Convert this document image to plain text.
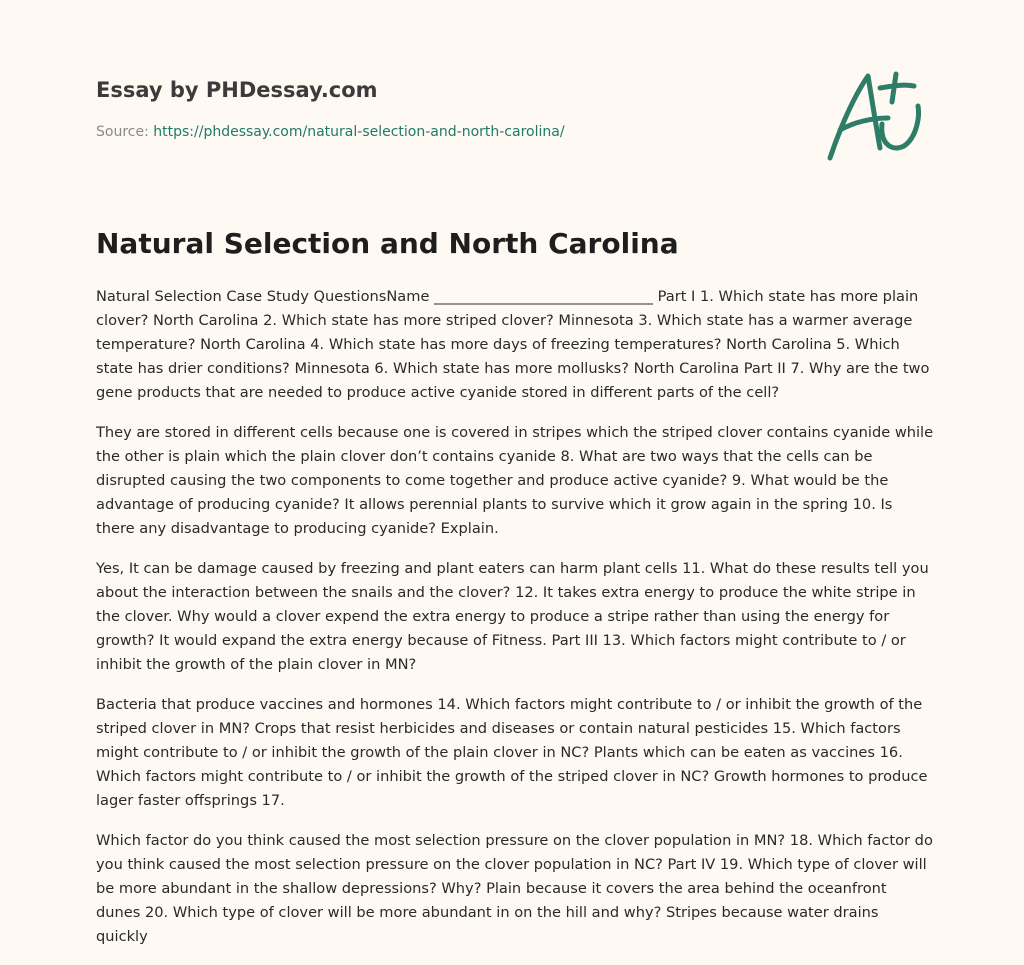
Essay by PHDessay.com
Source: https://phdessay.com/natural-selection-and-north-carolina/
Natural Selection and North Carolina

Natural Selection Case Study QuestionsName ______________________________ Part I 1. Which state has more plain clover? North Carolina 2. Which state has more striped clover? Minnesota 3. Which state has a warmer average temperature? North Carolina 4. Which state has more days of freezing temperatures? North Carolina 5. Which state has drier conditions? Minnesota 6. Which state has more mollusks? North Carolina Part II 7. Why are the two gene products that are needed to produce active cyanide stored in different parts of the cell?

They are stored in different cells because one is covered in stripes which the striped clover contains cyanide while the other is plain which the plain clover don’t contains cyanide 8. What are two ways that the cells can be disrupted causing the two components to come together and produce active cyanide? 9. What would be the advantage of producing cyanide? It allows perennial plants to survive which it grow again in the spring 10. Is there any disadvantage to producing cyanide? Explain.

Yes, It can be damage caused by freezing and plant eaters can harm plant cells 11. What do these results tell you about the interaction between the snails and the clover? 12. It takes extra energy to produce the white stripe in the clover. Why would a clover expend the extra energy to produce a stripe rather than using the energy for growth? It would expand the extra energy because of Fitness. Part III 13. Which factors might contribute to / or inhibit the growth of the plain clover in MN?

Bacteria that produce vaccines and hormones 14. Which factors might contribute to / or inhibit the growth of the striped clover in MN? Crops that resist herbicides and diseases or contain natural pesticides 15. Which factors might contribute to / or inhibit the growth of the plain clover in NC? Plants which can be eaten as vaccines 16. Which factors might contribute to / or inhibit the growth of the striped clover in NC? Growth hormones to produce lager faster offsprings 17.

Which factor do you think caused the most selection pressure on the clover population in MN? 18. Which factor do you think caused the most selection pressure on the clover population in NC? Part IV 19. Which type of clover will be more abundant in the shallow depressions? Why? Plain because it covers the area behind the oceanfront dunes 20. Which type of clover will be more abundant in on the hill and why? Stripes because water drains quickly
